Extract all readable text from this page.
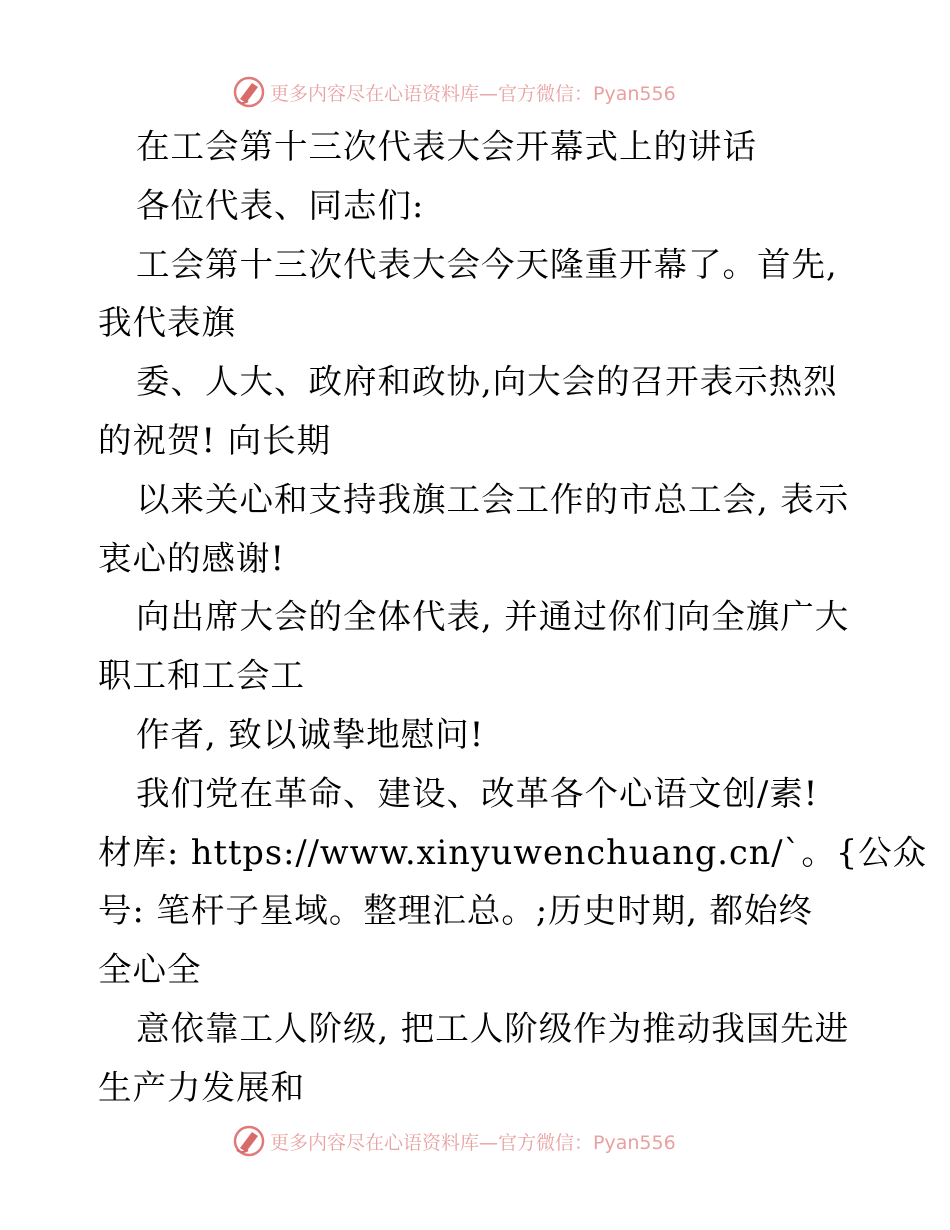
更多内容尽在心语资料库—官方微信：Pyan556
在工会第十三次代表大会开幕式上的讲话
各位代表、同志们:
工会第十三次代表大会今天隆重开幕了。首先,
我代表旗
委、人大、政府和政协,向大会的召开表示热烈
的祝贺! 向长期
以来关心和支持我旗工会工作的市总工会, 表示
衷心的感谢!
向出席大会的全体代表, 并通过你们向全旗广大
职工和工会工
作者, 致以诚挚地慰问!
我们党在革命、建设、改革各个心语文创/素!
材库: https://www.xinyuwenchuang.cn/`。{公众
号: 笔杆子星域。整理汇总。;历史时期, 都始终
全心全
意依靠工人阶级, 把工人阶级作为推动我国先进
生产力发展和
更多内容尽在心语资料库—官方微信：Pyan556
